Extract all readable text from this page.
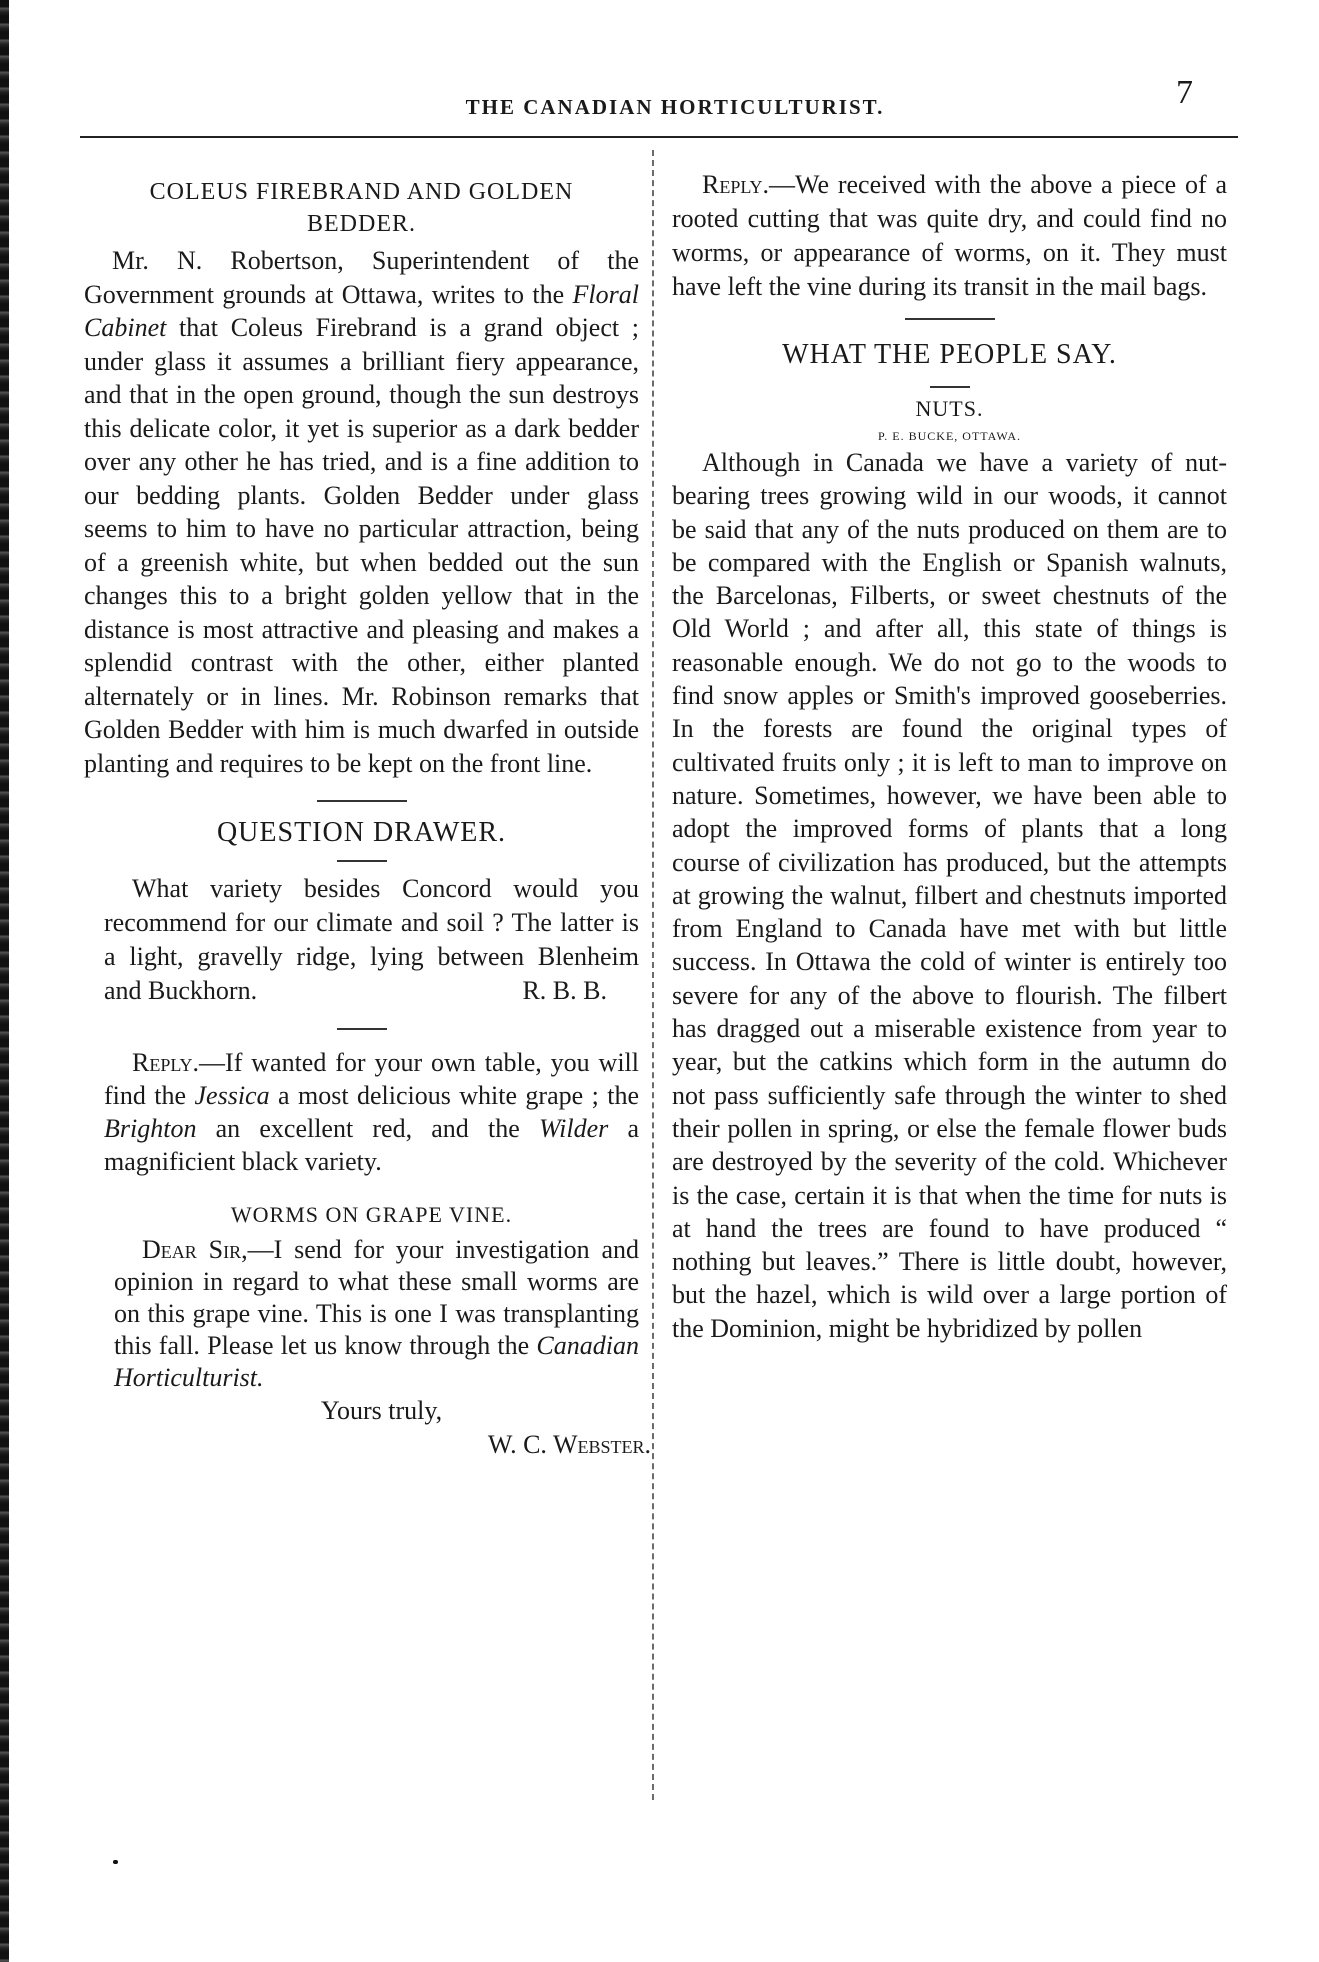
THE CANADIAN HORTICULTURIST.	7
COLEUS FIREBRAND AND GOLDEN
BEDDER.

Mr. N. Robertson, Superintendent of the Government grounds at Ottawa, writes to the Floral Cabinet that Coleus Firebrand is a grand object ; under glass it assumes a brilliant fiery appearance, and that in the open ground, though the sun destroys this delicate color, it yet is superior as a dark bedder over any other he has tried, and is a fine addition to our bedding plants. Golden Bedder under glass seems to him to have no particular attraction, being of a greenish white, but when bedded out the sun changes this to a bright golden yellow that in the distance is most attractive and pleasing and makes a splendid contrast with the other, either planted alternately or in lines. Mr. Robinson remarks that Golden Bedder with him is much dwarfed in outside planting and requires to be kept on the front line.

QUESTION DRAWER.

What variety besides Concord would you recommend for our climate and soil ? The latter is a light, gravelly ridge, lying between Blenheim and Buckhorn.	R. B. B.

Reply.—If wanted for your own table, you will find the Jessica a most delicious white grape ; the Brighton an excellent red, and the Wilder a magnificient black variety.

WORMS ON GRAPE VINE.

Dear Sir,—I send for your investigation and opinion in regard to what these small worms are on this grape vine. This is one I was transplanting this fall. Please let us know through the Canadian Horticulturist.

Yours truly,
W. C. Webster.

Reply.—We received with the above a piece of a rooted cutting that was quite dry, and could find no worms, or appearance of worms, on it. They must have left the vine during its transit in the mail bags.

WHAT THE PEOPLE SAY.
NUTS.
P. E. BUCKE, OTTAWA.

Although in Canada we have a variety of nut-bearing trees growing wild in our woods, it cannot be said that any of the nuts produced on them are to be compared with the English or Spanish walnuts, the Barcelonas, Filberts, or sweet chestnuts of the Old World ; and after all, this state of things is reasonable enough. We do not go to the woods to find snow apples or Smith's improved gooseberries. In the forests are found the original types of cultivated fruits only ; it is left to man to improve on nature. Sometimes, however, we have been able to adopt the improved forms of plants that a long course of civilization has produced, but the attempts at growing the walnut, filbert and chestnuts imported from England to Canada have met with but little success. In Ottawa the cold of winter is entirely too severe for any of the above to flourish. The filbert has dragged out a miserable existence from year to year, but the catkins which form in the autumn do not pass sufficiently safe through the winter to shed their pollen in spring, or else the female flower buds are destroyed by the severity of the cold. Whichever is the case, certain it is that when the time for nuts is at hand the trees are found to have produced “ nothing but leaves.” There is little doubt, however, but the hazel, which is wild over a large portion of the Dominion, might be hybridized by pollen
